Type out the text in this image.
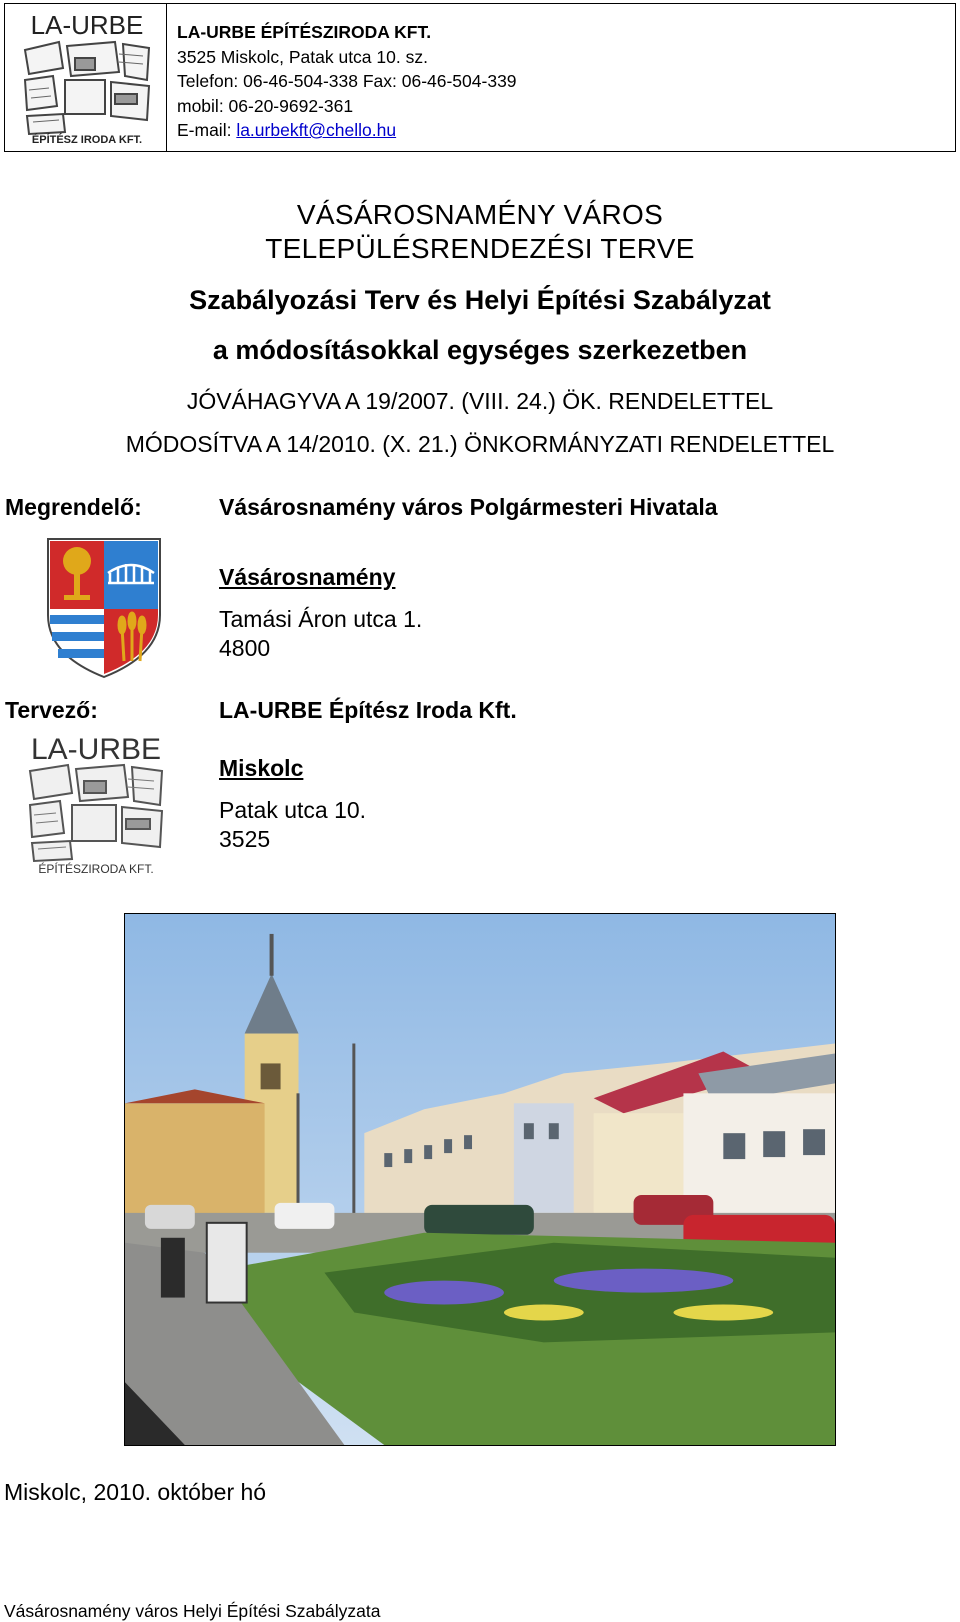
LA-URBE
ÉPÍTÉSZ IRODA KFT.
LA-URBE ÉPÍTÉSZIRODA KFT.
3525 Miskolc, Patak utca 10. sz.
Telefon: 06-46-504-338 Fax: 06-46-504-339
mobil: 06-20-9692-361
E-mail: la.urbekft@chello.hu
VÁSÁROSNAMÉNY VÁROS
TELEPÜLÉSRENDEZÉSI TERVE
Szabályozási Terv és Helyi Építési Szabályzat
a módosításokkal egységes szerkezetben
JÓVÁHAGYVA A 19/2007. (VIII. 24.) ÖK. RENDELETTEL
MÓDOSÍTVA A 14/2010. (X. 21.) ÖNKORMÁNYZATI RENDELETTEL
Megrendelő:	Vásárosnamény város Polgármesteri Hivatala
Vásárosnamény
Tamási Áron utca 1.
4800
Tervező:	LA-URBE Építész Iroda Kft.
LA-URBE
ÉPÍTÉSZIRODA KFT.
Miskolc
Patak utca 10.
3525
Miskolc, 2010. október hó
Vásárosnamény város Helyi Építési Szabályzata
